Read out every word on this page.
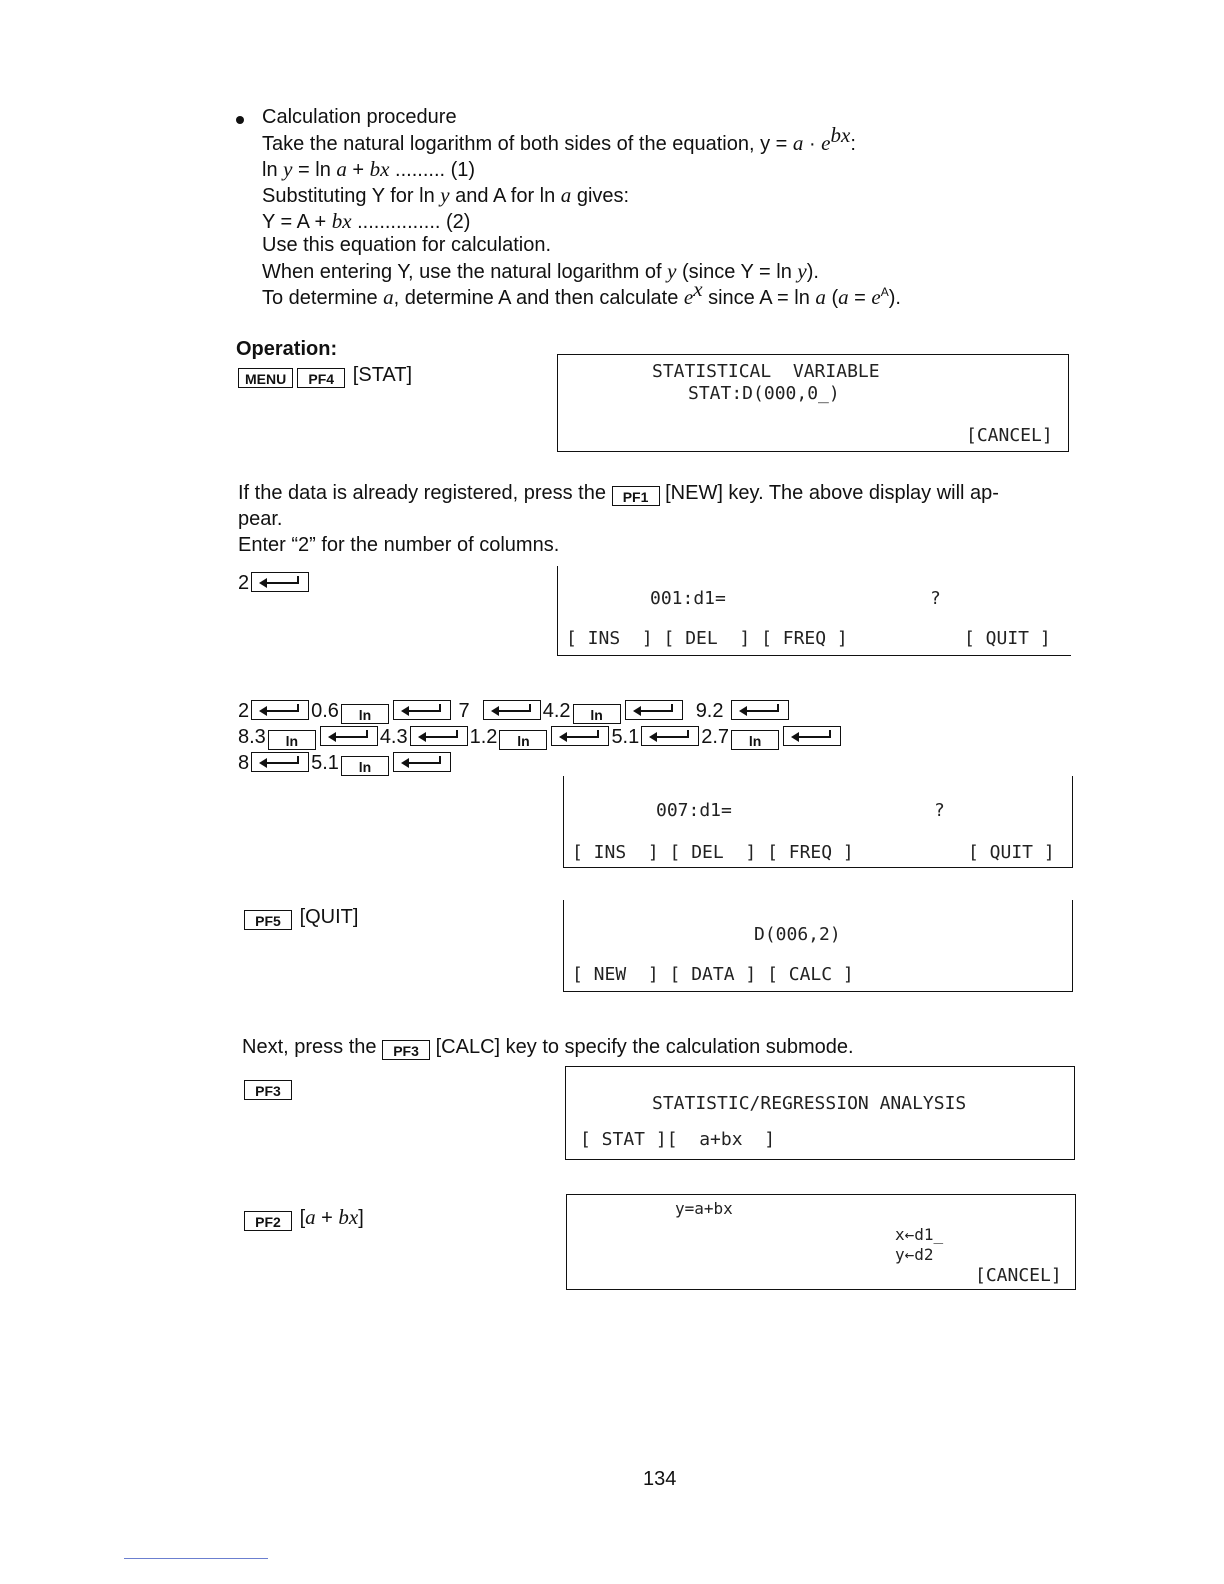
Calculation procedure
Take the natural logarithm of both sides of the equation, $y = a \cdot e^{bx}$:
ln y = ln a + bx ......... (1)
Substituting Y for ln y and A for ln a gives:
Y = A + bx ............... (2)
Use this equation for calculation.
When entering Y, use the natural logarithm of y (since Y = ln y).
To determine a, determine A and then calculate $e^x$ since A = ln a $(a = e^A)$.
Operation:
MENU PF4 [STAT]	STATISTICAL  VARIABLE
STAT:D(000,0_)
[CANCEL]
If the data is already registered, press the PF1 [NEW] key. The above display will ap-
pear.
Enter “2” for the number of columns.
2
001:d1=	?
[ INS  ] [ DEL  ] [ FREQ ]	[ QUIT ]
2	0.6 ln	7	4.2 ln	9.2
8.3 ln	4.3	1.2 ln	5.1	2.7 ln
8	5.1 ln
007:d1=	?
[ INS  ] [ DEL  ] [ FREQ ]	[ QUIT ]
PF5 [QUIT]
D(006,2)
[ NEW  ] [ DATA ] [ CALC ]
Next, press the PF3 [CALC] key to specify the calculation submode.
PF3
STATISTIC/REGRESSION ANALYSIS
[ STAT ][  a+bx  ]
PF2 [a + bx]	y=a+bx
x←d1_
y←d2
[CANCEL]
134
